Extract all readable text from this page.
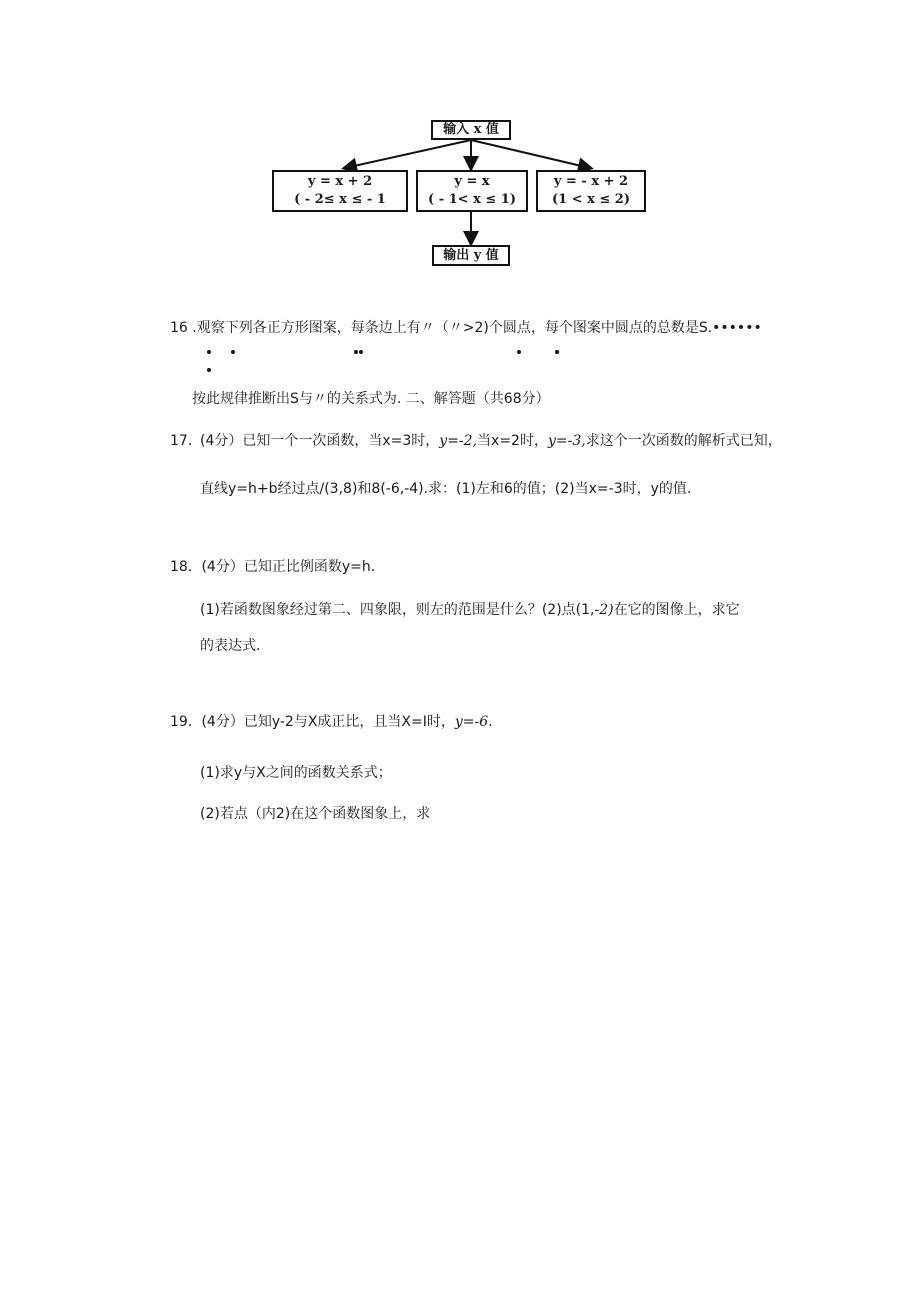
输入 x 值
y = x + 2
( - 2≤ x ≤ - 1
y = x
( - 1< x ≤ 1)
y = - x + 2
(1 < x ≤ 2)
输出 y 值
16 .观察下列各正方形图案，每条边上有〃（〃>2)个圆点，每个图案中圆点的总数是S.••••••
按此规律推断出S与〃的关系式为. 二、解答题（共68分）
17. (4分）已知一个一次函数，当x=3时，y=-2,当x=2时，y=-3,求这个一次函数的解析式已知，
直线y=h+b经过点/(3,8)和8(-6,-4).求：(1)左和6的值；(2)当x=-3时，y的值.
18. (4分）已知正比例函数y=h.
(1)若函数图象经过第二、四象限，则左的范围是什么？(2)点(1,-2)在它的图像上，求它
的表达式.
19. (4分）已知y-2与X成正比，且当X=I时，y=-6.
(1)求y与X之间的函数关系式；
(2)若点（内2)在这个函数图象上，求
